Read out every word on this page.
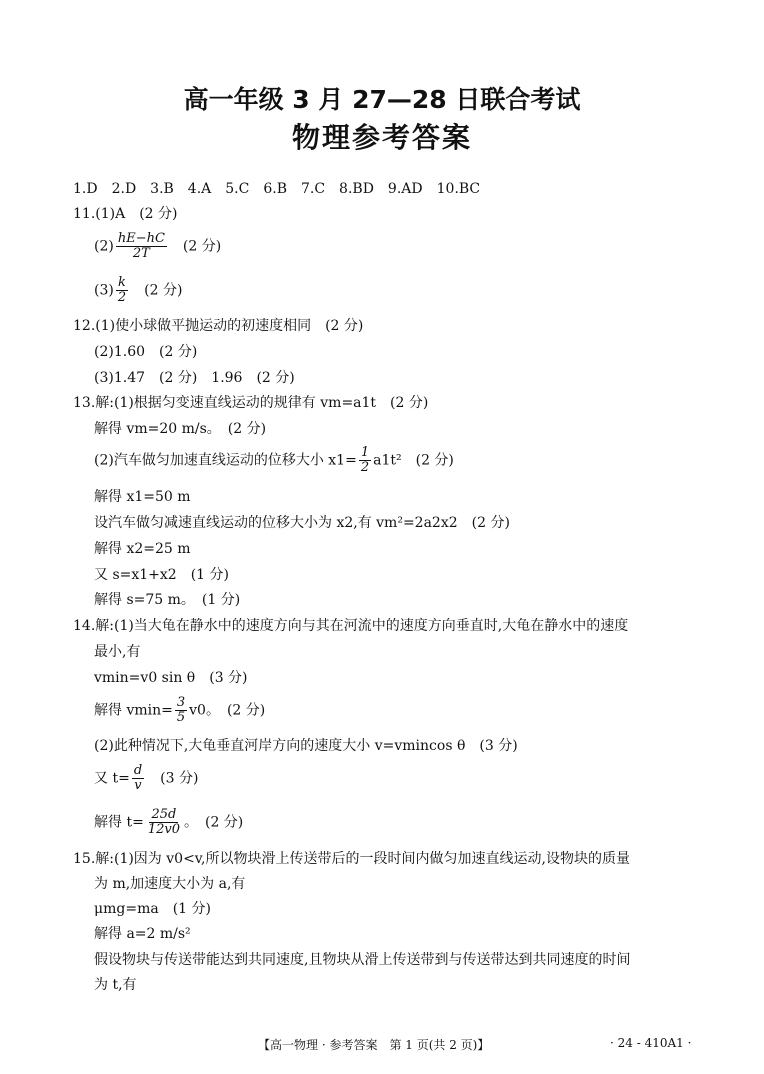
高一年级 3 月 27—28 日联合考试
物理参考答案
1.D　2.D　3.B　4.A　5.C　6.B　7.C　8.BD　9.AD　10.BC
11.(1)A　(2 分)
$(2) \frac{hE-hC}{2T}$
　 (2 分)
$(3) \frac{k}{2}$
　 (2 分)
12.(1)使小球做平抛运动的初速度相同　(2 分)
(2)1.60　(2 分)
(3)1.47　(2 分)　1.96　(2 分)
13.解:(1)根据匀变速直线运动的规律有 vm=a1t　(2 分)
解得 vm=20 m/s。　(2 分)
(2)汽车做匀加速直线运动的位移大小 $x1= \frac{1}{2} a1t^2$　(2 分)
解得 x1=50 m
设汽车做匀减速直线运动的位移大小为 x2,有 vm²=2a2x2　(2 分)
解得 x2=25 m
又 s=x1+x2　(1 分)
解得 s=75 m。　(1 分)
14.解:(1)当大龟在静水中的速度方向与其在河流中的速度方向垂直时,大龟在静水中的速度
最小,有
vmin=v0 sin θ　(3 分)
解得 $vmin= \frac{3}{5} v0$。　(2 分)
(2)此种情况下,大龟垂直河岸方向的速度大小 v=vmincos θ　(3 分)
又 $t= \frac{d}{v}$ 　(3 分)
解得 $t= \frac{25d}{12v0}$ 。　(2 分)
15.解:(1)因为 v0<v,所以物块滑上传送带后的一段时间内做匀加速直线运动,设物块的质量
为 m,加速度大小为 a,有
μmg=ma　(1 分)
解得 a=2 m/s²
假设物块与传送带能达到共同速度,且物块从滑上传送带到与传送带达到共同速度的时间
为 t,有
【高一物理 · 参考答案　第 1 页(共 2 页)】	· 24 - 410A1 ·
